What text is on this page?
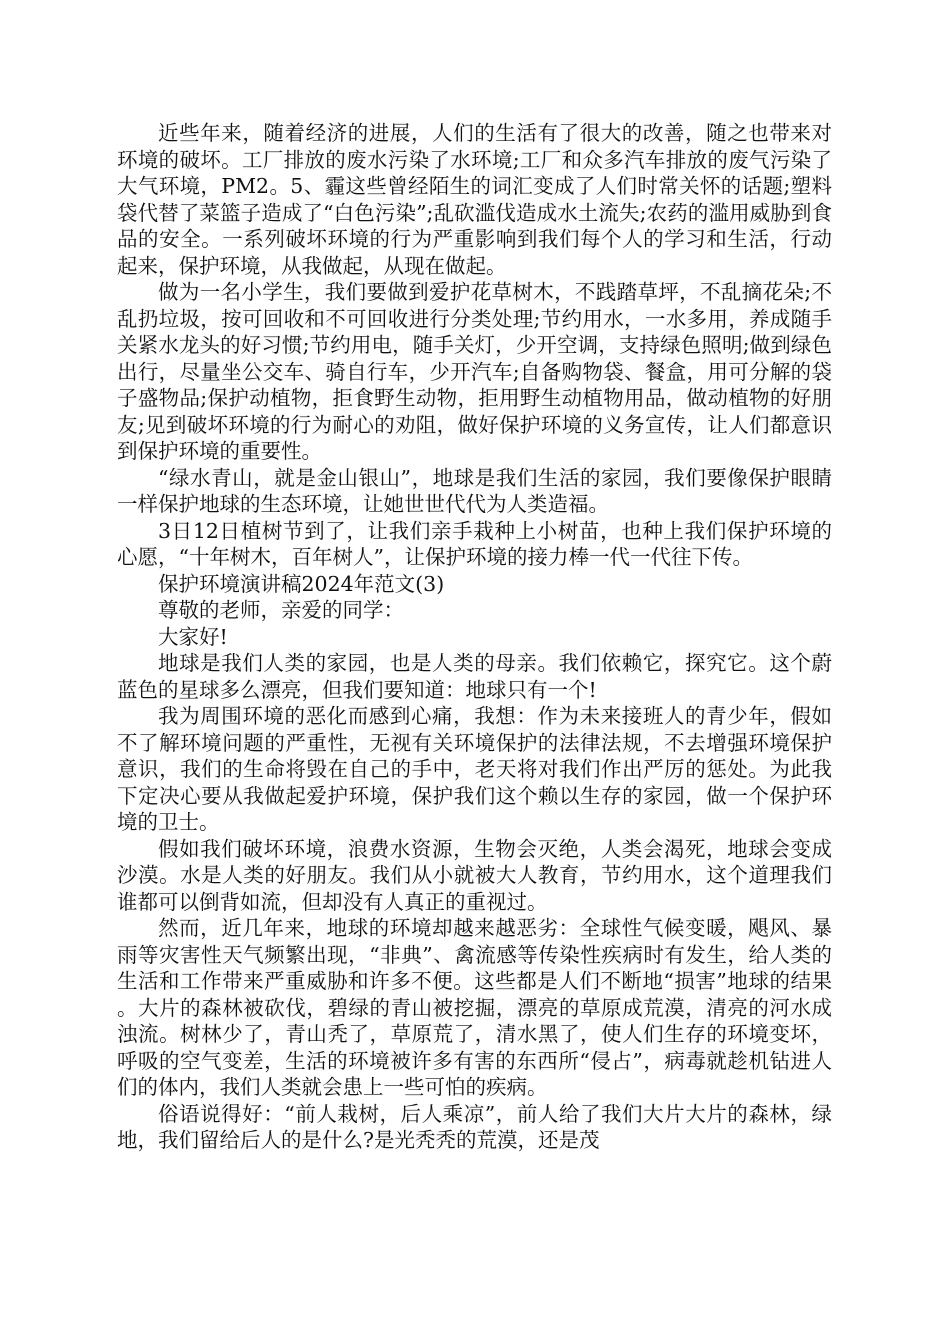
近些年来，随着经济的进展，人们的生活有了很大的改善，随之也带来对环境的破坏。工厂排放的废水污染了水环境;工厂和众多汽车排放的废气污染了大气环境，PM2。5、霾这些曾经陌生的词汇变成了人们时常关怀的话题;塑料袋代替了菜篮子造成了“白色污染”;乱砍滥伐造成水土流失;农药的滥用威胁到食品的安全。一系列破坏环境的行为严重影响到我们每个人的学习和生活，行动起来，保护环境，从我做起，从现在做起。

做为一名小学生，我们要做到爱护花草树木，不践踏草坪，不乱摘花朵;不乱扔垃圾，按可回收和不可回收进行分类处理;节约用水，一水多用，养成随手关紧水龙头的好习惯;节约用电，随手关灯，少开空调，支持绿色照明;做到绿色出行，尽量坐公交车、骑自行车，少开汽车;自备购物袋、餐盒，用可分解的袋子盛物品;保护动植物，拒食野生动物，拒用野生动植物用品，做动植物的好朋友;见到破坏环境的行为耐心的劝阻，做好保护环境的义务宣传，让人们都意识到保护环境的重要性。

“绿水青山，就是金山银山”，地球是我们生活的家园，我们要像保护眼睛一样保护地球的生态环境，让她世世代代为人类造福。

3日12日植树节到了，让我们亲手栽种上小树苗，也种上我们保护环境的心愿，“十年树木，百年树人”，让保护环境的接力棒一代一代往下传。

保护环境演讲稿2024年范文(3)

尊敬的老师，亲爱的同学：

大家好!

地球是我们人类的家园，也是人类的母亲。我们依赖它，探究它。这个蔚蓝色的星球多么漂亮，但我们要知道：地球只有一个!

我为周围环境的恶化而感到心痛，我想：作为未来接班人的青少年，假如不了解环境问题的严重性，无视有关环境保护的法律法规，不去增强环境保护意识，我们的生命将毁在自己的手中，老天将对我们作出严厉的惩处。为此我下定决心要从我做起爱护环境，保护我们这个赖以生存的家园，做一个保护环境的卫士。

假如我们破坏环境，浪费水资源，生物会灭绝，人类会渴死，地球会变成沙漠。水是人类的好朋友。我们从小就被大人教育，节约用水，这个道理我们谁都可以倒背如流，但却没有人真正的重视过。

然而，近几年来，地球的环境却越来越恶劣：全球性气候变暖，飓风、暴雨等灾害性天气频繁出现，“非典”、禽流感等传染性疾病时有发生，给人类的生活和工作带来严重威胁和许多不便。这些都是人们不断地“损害”地球的结果。大片的森林被砍伐，碧绿的青山被挖掘，漂亮的草原成荒漠，清亮的河水成浊流。树林少了，青山秃了，草原荒了，清水黑了，使人们生存的环境变坏，呼吸的空气变差，生活的环境被许多有害的东西所“侵占”，病毒就趁机钻进人们的体内，我们人类就会患上一些可怕的疾病。

俗语说得好：“前人栽树，后人乘凉”，前人给了我们大片大片的森林，绿地，我们留给后人的是什么?是光秃秃的荒漠，还是茂
